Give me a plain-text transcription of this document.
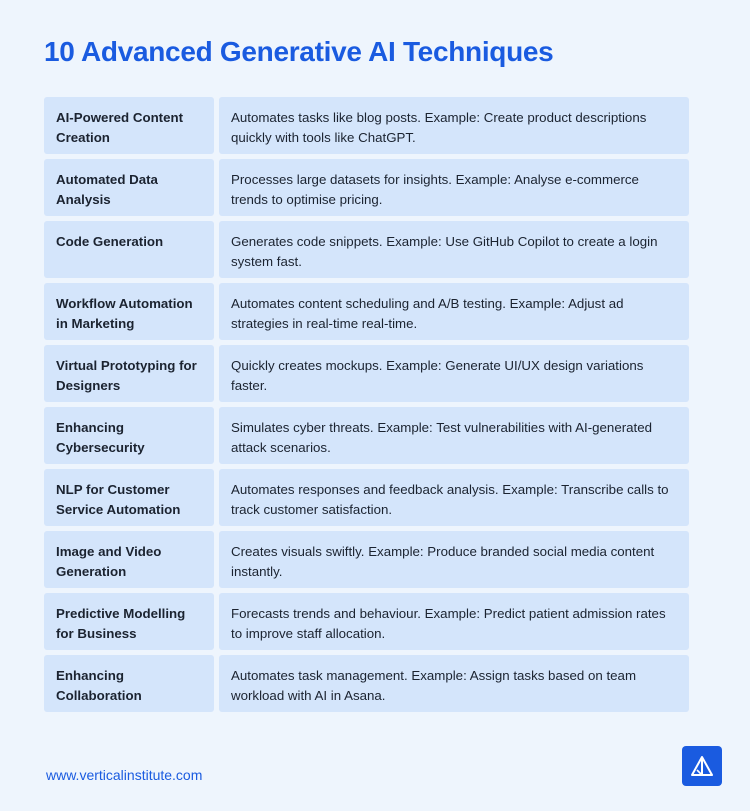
10 Advanced Generative AI Techniques
AI-Powered Content Creation
Automates tasks like blog posts. Example: Create product descriptions quickly with tools like ChatGPT.
Automated Data Analysis
Processes large datasets for insights. Example: Analyse e-commerce trends to optimise pricing.
Code Generation	Generates code snippets. Example: Use GitHub Copilot to create a login system fast.
Workflow Automation in Marketing
Automates content scheduling and A/B testing. Example: Adjust ad strategies in real-time real-time.
Virtual Prototyping for Designers
Quickly creates mockups. Example: Generate UI/UX design variations faster.
Enhancing Cybersecurity
Simulates cyber threats. Example: Test vulnerabilities with AI-generated attack scenarios.
NLP for Customer Service Automation
Automates responses and feedback analysis. Example: Transcribe calls to track customer satisfaction.
Image and Video Generation
Creates visuals swiftly. Example: Produce branded social media content instantly.
Predictive Modelling for Business
Forecasts trends and behaviour. Example: Predict patient admission rates to improve staff allocation.
Enhancing Collaboration
Automates task management. Example: Assign tasks based on team workload with AI in Asana.
www.verticalinstitute.com
